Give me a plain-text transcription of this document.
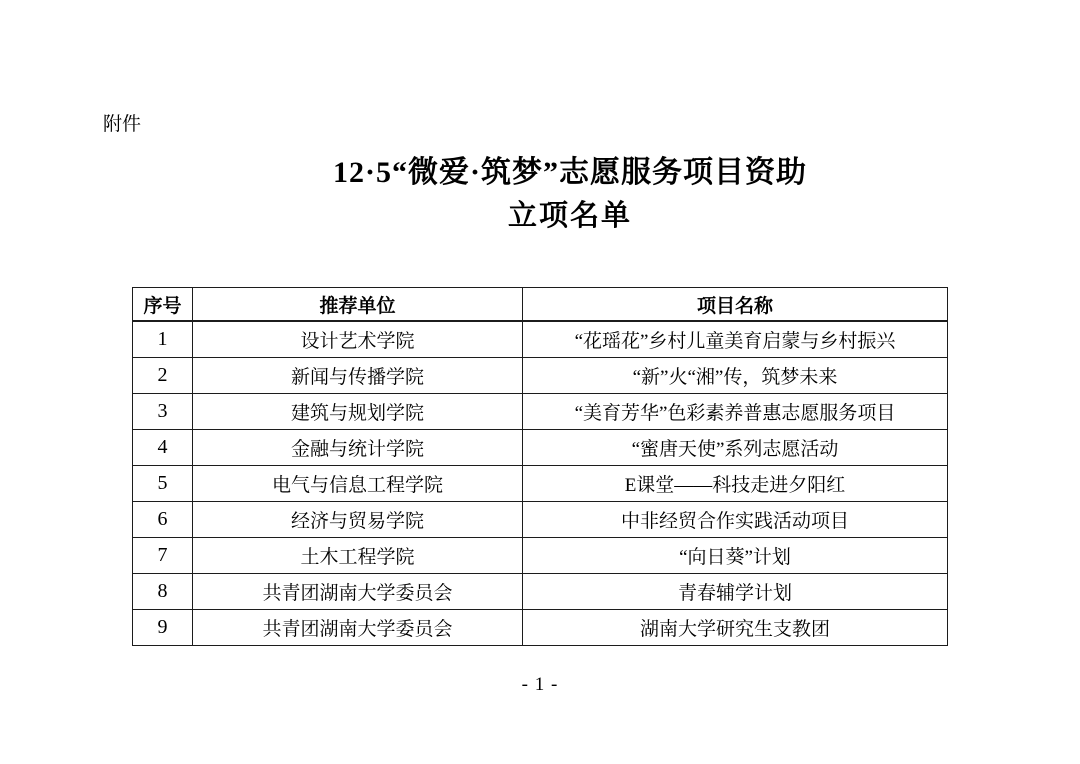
附件
12·5“微爱·筑梦”志愿服务项目资助
立项名单
序号	推荐单位	项目名称
1	设计艺术学院	“花瑶花”乡村儿童美育启蒙与乡村振兴
2	新闻与传播学院	“新”火“湘”传，筑梦未来
3	建筑与规划学院	“美育芳华”色彩素养普惠志愿服务项目
4	金融与统计学院	“蜜唐天使”系列志愿活动
5	电气与信息工程学院	E课堂——科技走进夕阳红
6	经济与贸易学院	中非经贸合作实践活动项目
7	土木工程学院	“向日葵”计划
8	共青团湖南大学委员会	青春辅学计划
9	共青团湖南大学委员会	湖南大学研究生支教团
- 1 -
